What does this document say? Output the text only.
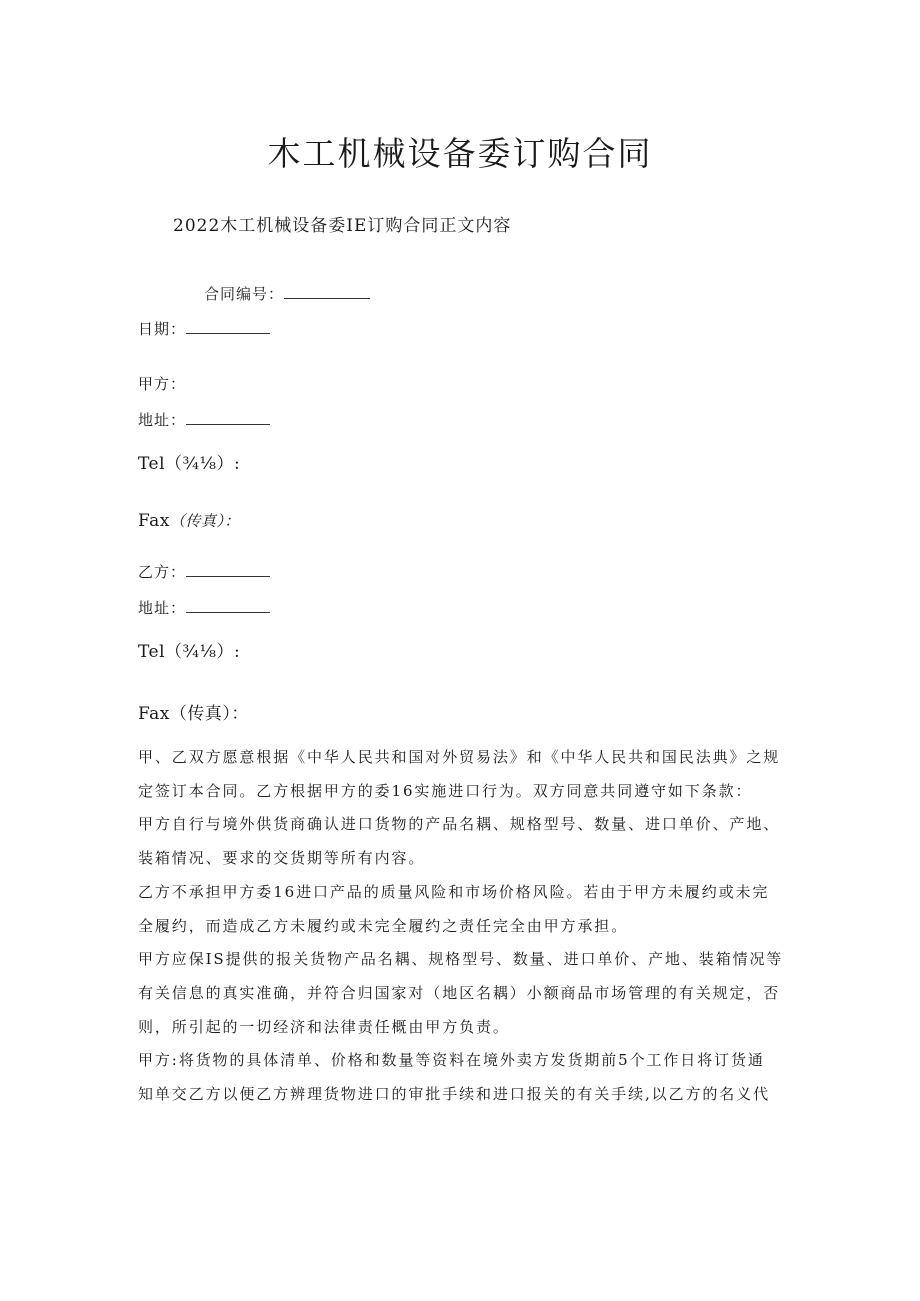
木工机械设备委订购合同

2022木工机械设备委IE订购合同正文内容

合同编号：

日期：

甲方：

地址：

Tel（¾⅛）:

Fax（传真）：

乙方：

地址：

Tel（¾⅛）:

Fax（传真）：

甲、乙双方愿意根据《中华人民共和国对外贸易法》和《中华人民共和国民法典》之规

定签订本合同。乙方根据甲方的委16实施进口行为。双方同意共同遵守如下条款：

甲方自行与境外供货商确认进口货物的产品名耦、规格型号、数量、进口单价、产地、

装箱情况、要求的交货期等所有内容。

乙方不承担甲方委16进口产品的质量风险和市场价格风险。若由于甲方未履约或未完

全履约，而造成乙方未履约或未完全履约之责任完全由甲方承担。

甲方应保IS提供的报关货物产品名耦、规格型号、数量、进口单价、产地、装箱情况等

有关信息的真实准确，并符合归国家对（地区名耦）小额商品市场管理的有关规定，否

则，所引起的一切经济和法律责任概由甲方负责。

甲方:将货物的具体清单、价格和数量等资料在境外卖方发货期前5个工作日将订货通

知单交乙方以便乙方辨理货物进口的审批手续和进口报关的有关手续,以乙方的名义代
